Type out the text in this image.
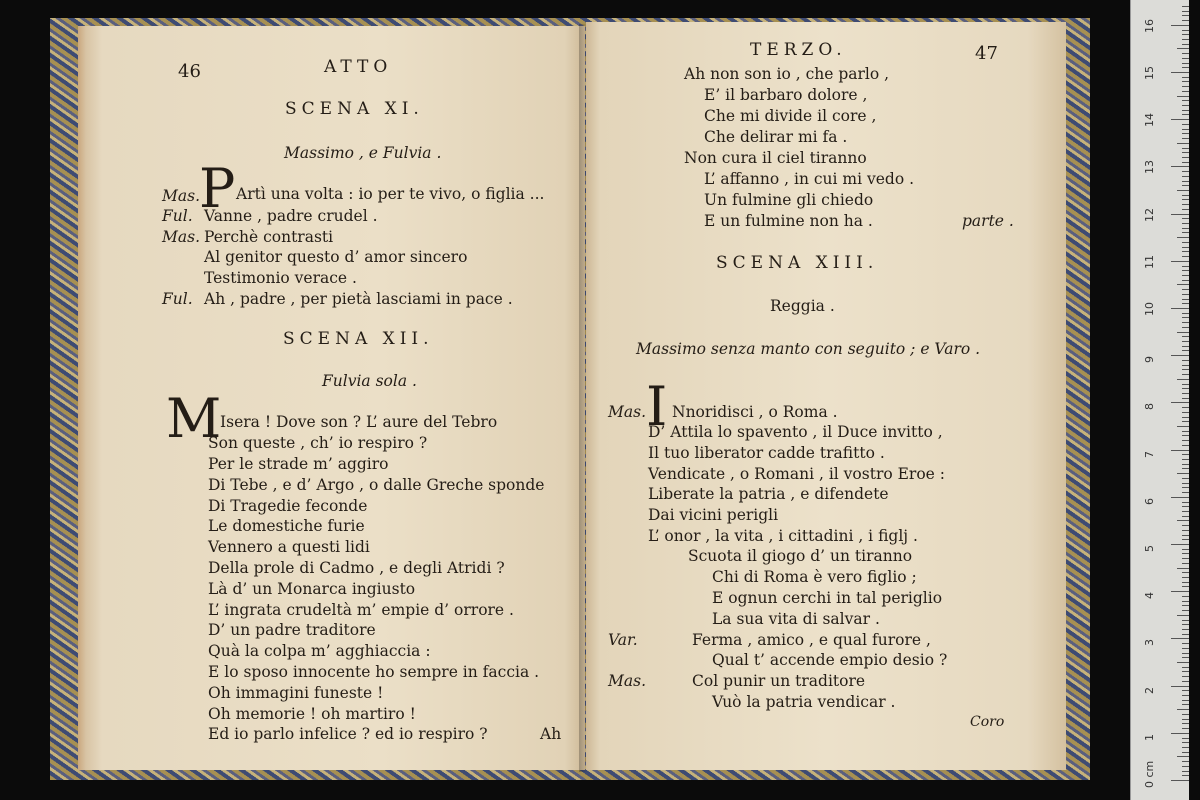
46	ATTO
SCENA XI.
Massimo , e Fulvia .
Mas. P Artì una volta : io per te vivo, o figlia ...
Ful. Vanne , padre crudel .
Mas. Perchè contrasti
Al genitor questo d’ amor sincero
Testimonio verace .
Ful. Ah , padre , per pietà lasciami in pace .
SCENA XII.
Fulvia sola .
M
Isera ! Dove son ? L’ aure del Tebro
Son queste , ch’ io respiro ?
Per le strade m’ aggiro
Di Tebe , e d’ Argo , o dalle Greche sponde
Di Tragedie feconde
Le domestiche furie
Vennero a questi lidi
Della prole di Cadmo , e degli Atridi ?
Là d’ un Monarca ingiusto
L’ ingrata crudeltà m’ empie d’ orrore .
D’ un padre traditore
Quà la colpa m’ agghiaccia :
E lo sposo innocente ho sempre in faccia .
Oh immagini funeste !
Oh memorie ! oh martiro !
Ed io parlo infelice ? ed io respiro ?	Ah
TERZO.	47
Ah non son io , che parlo ,
E’ il barbaro dolore ,
Che mi divide il core ,
Che delirar mi fa .
Non cura il ciel tiranno
L’ affanno , in cui mi vedo .
Un fulmine gli chiedo
E un fulmine non ha .	parte .
SCENA XIII.
Reggia .
Massimo senza manto con seguito ; e Varo .
Mas. I Nnoridisci , o Roma .
D’ Attila lo spavento , il Duce invitto ,
Il tuo liberator cadde trafitto .
Vendicate , o Romani , il vostro Eroe :
Liberate la patria , e difendete
Dai vicini perigli
L’ onor , la vita , i cittadini , i figlj .
Scuota il giogo d’ un tiranno
Chi di Roma è vero figlio ;
E ognun cerchi in tal periglio
La sua vita di salvar .
Var.	Ferma , amico , e qual furore ,
Qual t’ accende empio desio ?
Mas.	Col punir un traditore
Vuò la patria vendicar .
Coro
0 cm
1
2
3
4
5
6
7
8
9
10
11
12
13
14
15
16
